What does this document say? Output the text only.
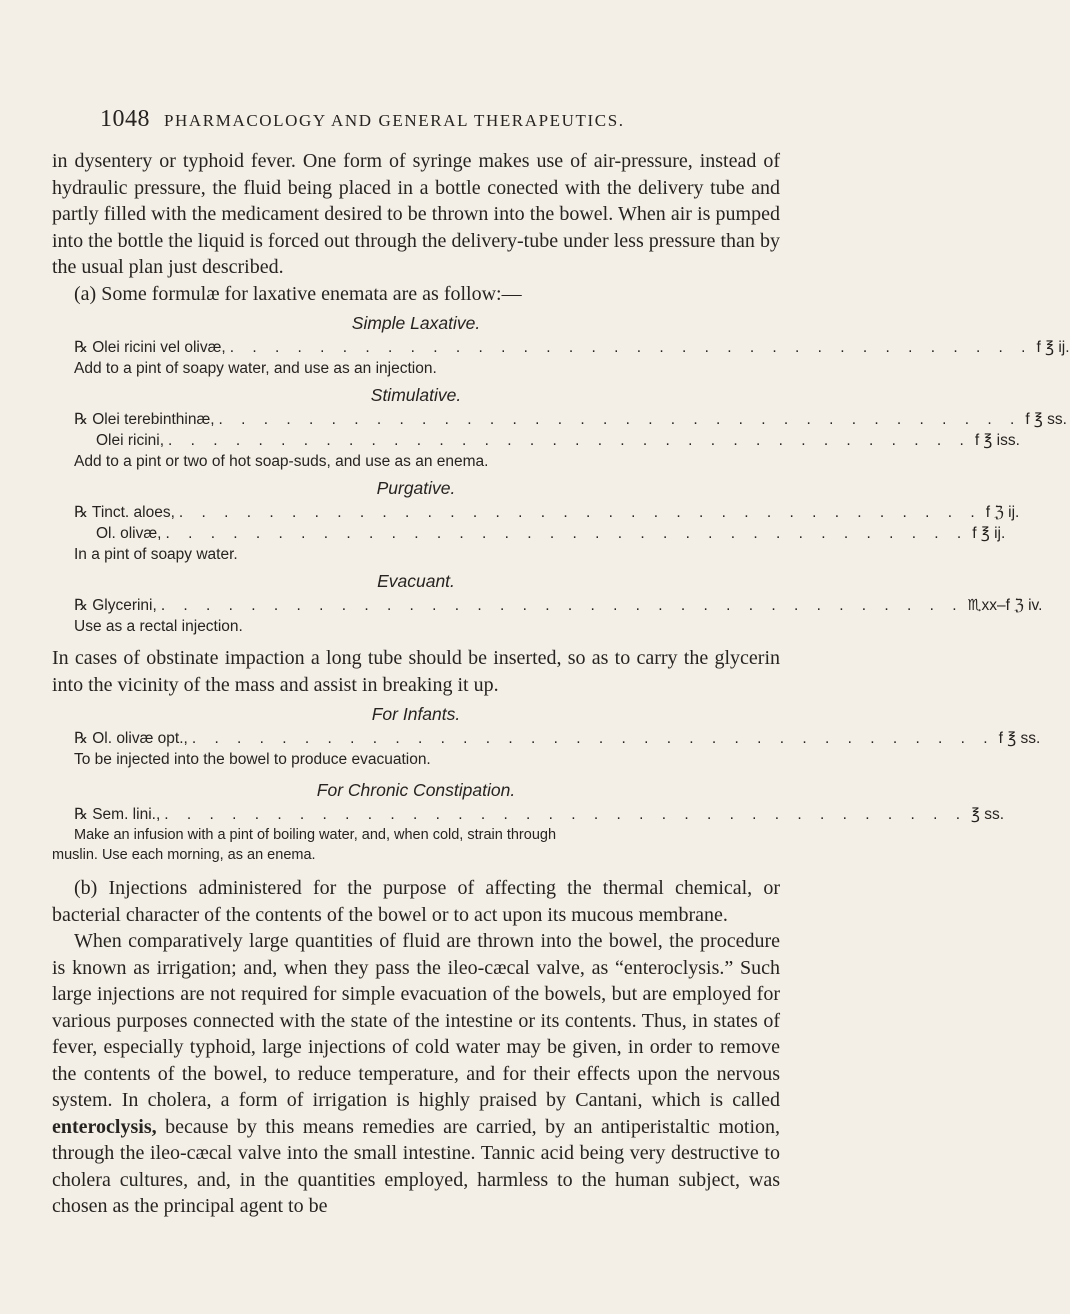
1048 PHARMACOLOGY AND GENERAL THERAPEUTICS.

in dysentery or typhoid fever. One form of syringe makes use of air-pressure, instead of hydraulic pressure, the fluid being placed in a bottle conected with the delivery tube and partly filled with the medicament desired to be thrown into the bowel. When air is pumped into the bottle the liquid is forced out through the delivery-tube under less pressure than by the usual plan just described.

(a) Some formulæ for laxative enemata are as follow:—

Simple Laxative.
℞ Olei ricini vel olivæ, . . . . . . . . . . . . . . . . . . . . . . . . . . . . . . . . . . . . f ℥ ij.
Add to a pint of soapy water, and use as an injection.
Stimulative.
℞ Olei terebinthinæ, . . . . . . . . . . . . . . . . . . . . . . . . . . . . . . . . . . . . f ℥ ss.
Olei ricini, . . . . . . . . . . . . . . . . . . . . . . . . . . . . . . . . . . . . f ℥ iss.
Add to a pint or two of hot soap-suds, and use as an enema.
Purgative.
℞ Tinct. aloes, . . . . . . . . . . . . . . . . . . . . . . . . . . . . . . . . . . . . f ℨ ij.
Ol. olivæ, . . . . . . . . . . . . . . . . . . . . . . . . . . . . . . . . . . . . f ℥ ij.
In a pint of soapy water.
Evacuant.
℞ Glycerini, . . . . . . . . . . . . . . . . . . . . . . . . . . . . . . . . . . . . ♏xx–f ℨ iv.
Use as a rectal injection.

In cases of obstinate impaction a long tube should be inserted, so as to carry the glycerin into the vicinity of the mass and assist in breaking it up.

For Infants.
℞ Ol. olivæ opt., . . . . . . . . . . . . . . . . . . . . . . . . . . . . . . . . . . . . f ℥ ss.
To be injected into the bowel to produce evacuation.
For Chronic Constipation.
℞ Sem. lini., . . . . . . . . . . . . . . . . . . . . . . . . . . . . . . . . . . . . ℥ ss.
Make an infusion with a pint of boiling water, and, when cold, strain through
muslin. Use each morning, as an enema.

(b) Injections administered for the purpose of affecting the thermal chemical, or bacterial character of the contents of the bowel or to act upon its mucous membrane.

When comparatively large quantities of fluid are thrown into the bowel, the procedure is known as irrigation; and, when they pass the ileo-cæcal valve, as “enteroclysis.” Such large injections are not required for simple evacuation of the bowels, but are employed for various purposes connected with the state of the intestine or its contents. Thus, in states of fever, especially typhoid, large injections of cold water may be given, in order to remove the contents of the bowel, to reduce temperature, and for their effects upon the nervous system. In cholera, a form of irrigation is highly praised by Cantani, which is called enteroclysis, because by this means remedies are carried, by an antiperistaltic motion, through the ileo-cæcal valve into the small intestine. Tannic acid being very destructive to cholera cultures, and, in the quantities employed, harmless to the human subject, was chosen as the principal agent to be
